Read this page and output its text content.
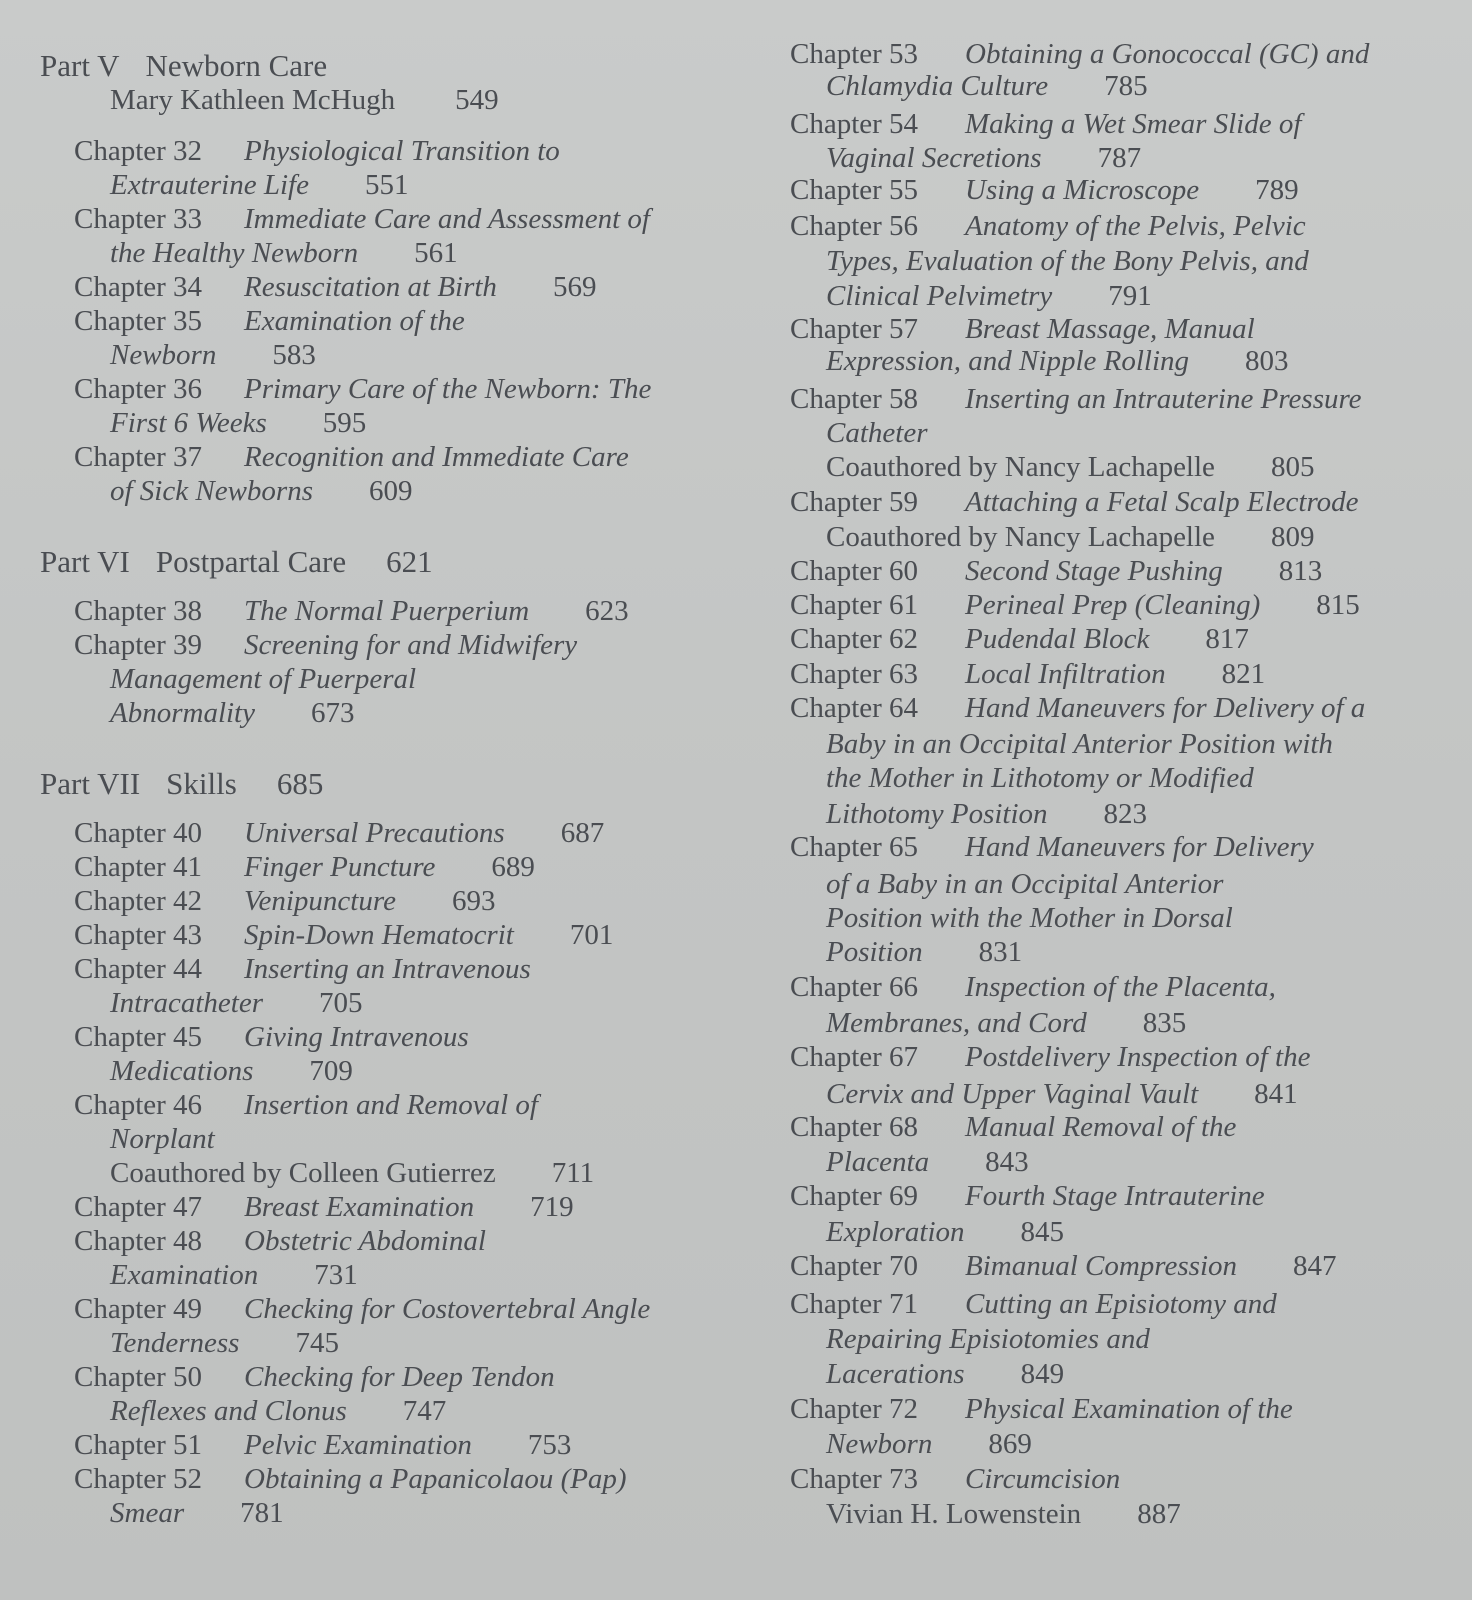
Part V Newborn Care
Mary Kathleen McHugh 549
Part VI Postpartal Care 621
Part VII Skills 685
Chapter 32 Physiological Transition to
Extrauterine Life 551
Chapter 33 Immediate Care and Assessment of
the Healthy Newborn 561
Chapter 34 Resuscitation at Birth 569
Chapter 35 Examination of the
Newborn 583
Chapter 36 Primary Care of the Newborn: The
First 6 Weeks 595
Chapter 37 Recognition and Immediate Care
of Sick Newborns 609
Chapter 38 The Normal Puerperium 623
Chapter 39 Screening for and Midwifery
Management of Puerperal
Abnormality 673
Chapter 40 Universal Precautions 687
Chapter 41 Finger Puncture 689
Chapter 42 Venipuncture 693
Chapter 43 Spin-Down Hematocrit 701
Chapter 44 Inserting an Intravenous
Intracatheter 705
Chapter 45 Giving Intravenous
Medications 709
Chapter 46 Insertion and Removal of
Norplant
Coauthored by Colleen Gutierrez 711
Chapter 47 Breast Examination 719
Chapter 48 Obstetric Abdominal
Examination 731
Chapter 49 Checking for Costovertebral Angle
Tenderness 745
Chapter 50 Checking for Deep Tendon
Reflexes and Clonus 747
Chapter 51 Pelvic Examination 753
Chapter 52 Obtaining a Papanicolaou (Pap)
Smear 781
Chapter 53 Obtaining a Gonococcal (GC) and
Chlamydia Culture 785
Chapter 54 Making a Wet Smear Slide of
Vaginal Secretions 787
Chapter 55 Using a Microscope 789
Chapter 56 Anatomy of the Pelvis, Pelvic
Types, Evaluation of the Bony Pelvis, and
Clinical Pelvimetry 791
Chapter 57 Breast Massage, Manual
Expression, and Nipple Rolling 803
Chapter 58 Inserting an Intrauterine Pressure
Catheter
Coauthored by Nancy Lachapelle 805
Chapter 59 Attaching a Fetal Scalp Electrode
Coauthored by Nancy Lachapelle 809
Chapter 60 Second Stage Pushing 813
Chapter 61 Perineal Prep (Cleaning) 815
Chapter 62 Pudendal Block 817
Chapter 63 Local Infiltration 821
Chapter 64 Hand Maneuvers for Delivery of a
Baby in an Occipital Anterior Position with
the Mother in Lithotomy or Modified
Lithotomy Position 823
Chapter 65 Hand Maneuvers for Delivery
of a Baby in an Occipital Anterior
Position with the Mother in Dorsal
Position 831
Chapter 66 Inspection of the Placenta,
Membranes, and Cord 835
Chapter 67 Postdelivery Inspection of the
Cervix and Upper Vaginal Vault 841
Chapter 68 Manual Removal of the
Placenta 843
Chapter 69 Fourth Stage Intrauterine
Exploration 845
Chapter 70 Bimanual Compression 847
Chapter 71 Cutting an Episiotomy and
Repairing Episiotomies and
Lacerations 849
Chapter 72 Physical Examination of the
Newborn 869
Chapter 73 Circumcision
Vivian H. Lowenstein 887
